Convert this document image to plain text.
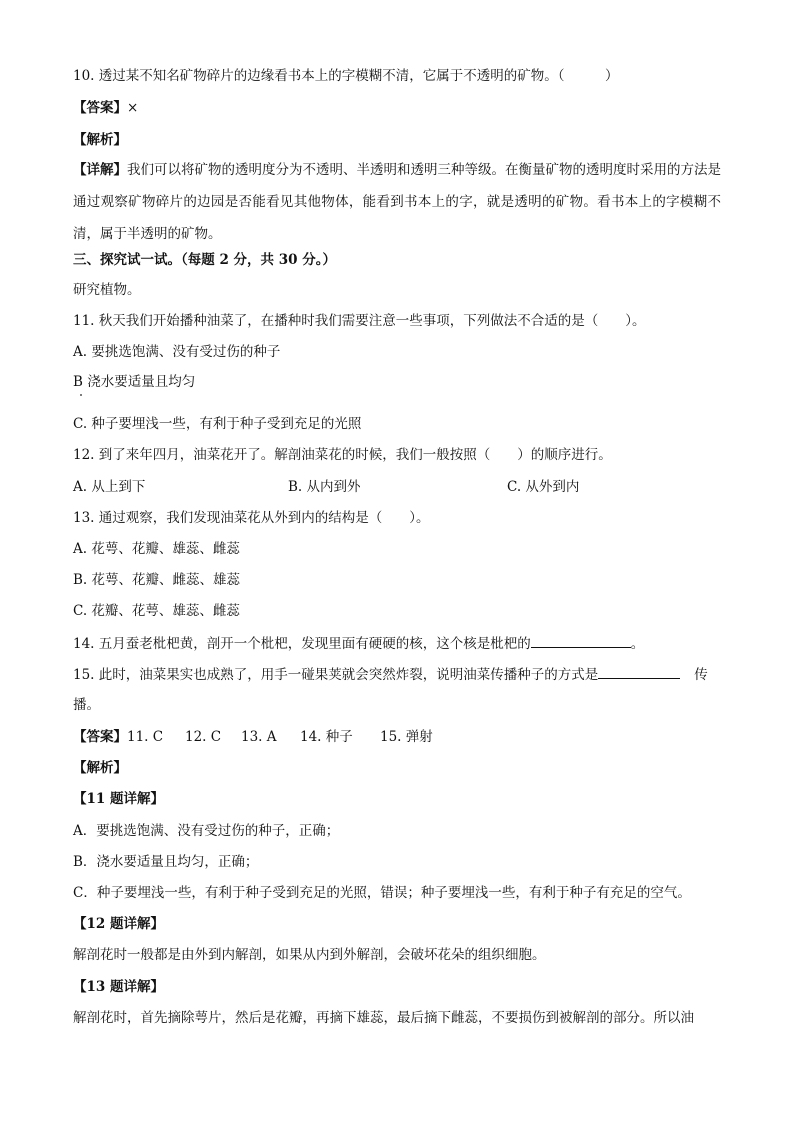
10. 透过某不知名矿物碎片的边缘看书本上的字模糊不清，它属于不透明的矿物。（　　　）
【答案】×
【解析】
【详解】我们可以将矿物的透明度分为不透明、半透明和透明三种等级。在衡量矿物的透明度时采用的方法是通过观察矿物碎片的边园是否能看见其他物体，能看到书本上的字，就是透明的矿物。看书本上的字模糊不清，属于半透明的矿物。
三、探究试一试。（每题 2 分，共 30 分。）
研究植物。
11. 秋天我们开始播种油菜了，在播种时我们需要注意一些事项，下列做法不合适的是（　　）。
A. 要挑选饱满、没有受过伤的种子
B 浇水要适量且均匀
C. 种子要埋浅一些，有利于种子受到充足的光照
12. 到了来年四月，油菜花开了。解剖油菜花的时候，我们一般按照（　　）的顺序进行。
A. 从上到下	B. 从内到外	C. 从外到内
13. 通过观察，我们发现油菜花从外到内的结构是（　　）。
A. 花萼、花瓣、雄蕊、雌蕊
B. 花萼、花瓣、雌蕊、雄蕊
C. 花瓣、花萼、雄蕊、雌蕊
14. 五月蚕老枇杷黄，剖开一个枇杷，发现里面有硬硬的核，这个核是枇杷的	。
15. 此时，油菜果实也成熟了，用手一碰果荚就会突然炸裂，说明油菜传播种子的方式是	传
播。
【答案】11. C 12. C 13. A 14. 种子 15. 弹射
【解析】
【11 题详解】
A．要挑选饱满、没有受过伤的种子，正确；
B．浇水要适量且均匀，正确；
C．种子要埋浅一些，有利于种子受到充足的光照，错误；种子要埋浅一些，有利于种子有充足的空气。
【12 题详解】
解剖花时一般都是由外到内解剖，如果从内到外解剖，会破坏花朵的组织细胞。
【13 题详解】
解剖花时，首先摘除萼片，然后是花瓣，再摘下雄蕊，最后摘下雌蕊，不要损伤到被解剖的部分。所以油
